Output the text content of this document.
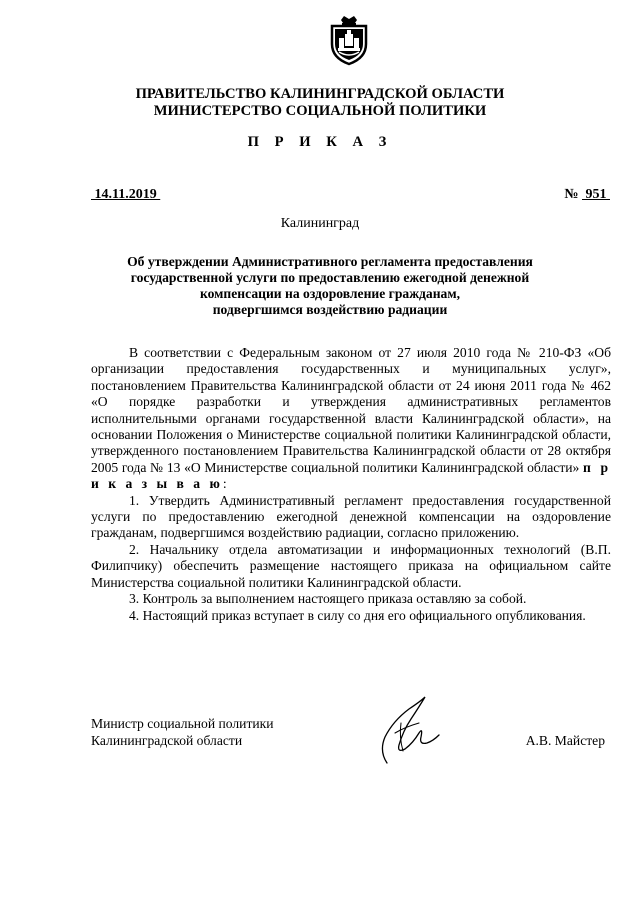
ПРАВИТЕЛЬСТВО КАЛИНИНГРАДСКОЙ ОБЛАСТИ
МИНИСТЕРСТВО СОЦИАЛЬНОЙ ПОЛИТИКИ
П Р И К А З
14.11.2019	№  951
Калининград
Об утверждении Административного регламента предоставления
государственной услуги по предоставлению ежегодной денежной
компенсации на оздоровление гражданам,
подвергшимся воздействию радиации

В соответствии с Федеральным законом от 27 июля 2010 года № 210-ФЗ «Об организации предоставления государственных и муниципальных услуг», постановлением Правительства Калининградской области от 24 июня 2011 года № 462 «О порядке разработки и утверждения административных регламентов исполнительными органами государственной власти Калининградской области», на основании Положения о Министерстве социальной политики Калининградской области, утвержденного постановлением Правительства Калининградской области от 28 октября 2005 года № 13 «О Министерстве социальной политики Калининградской области» п р и к а з ы в а ю:

1. Утвердить Административный регламент предоставления государственной услуги по предоставлению ежегодной денежной компенсации на оздоровление гражданам, подвергшимся воздействию радиации, согласно приложению.

2. Начальнику отдела автоматизации и информационных технологий (В.П. Филипчику) обеспечить размещение настоящего приказа на официальном сайте Министерства социальной политики Калининградской области.

3. Контроль за выполнением настоящего приказа оставляю за собой.

4. Настоящий приказ вступает в силу со дня его официального опубликования.

Министр социальной политики
Калининградской области	А.В. Майстер
